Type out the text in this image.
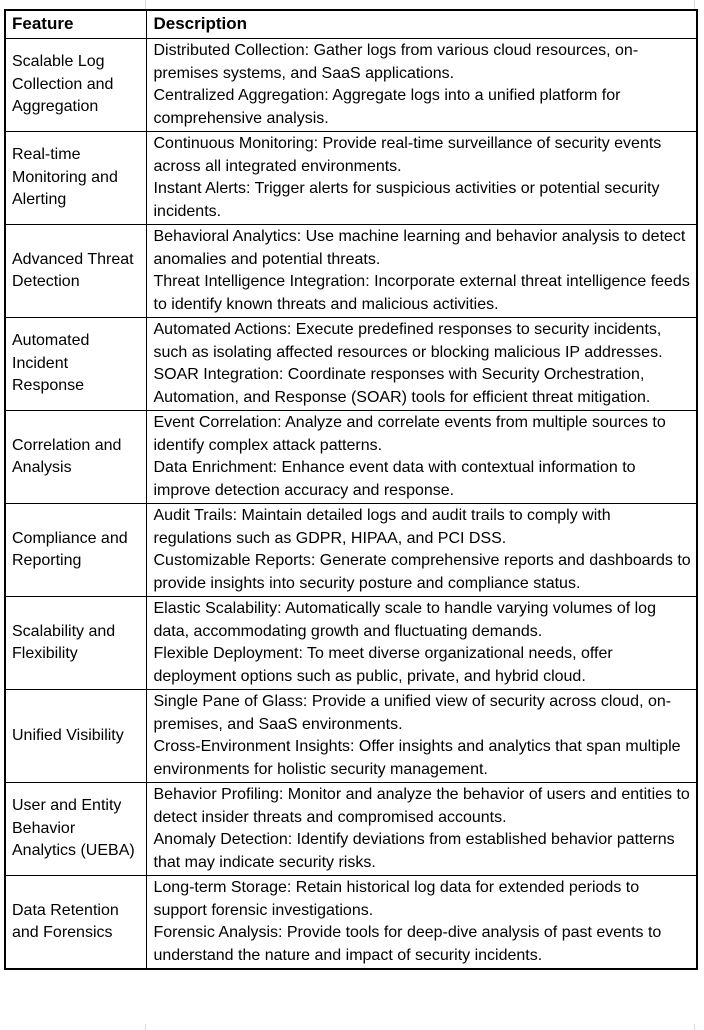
Feature	Description
Scalable Log Collection and Aggregation	Distributed Collection: Gather logs from various cloud resources, on-premises systems, and SaaS applications.
Centralized Aggregation: Aggregate logs into a unified platform for comprehensive analysis.

Real-time Monitoring and Alerting	Continuous Monitoring: Provide real-time surveillance of security events across all integrated environments.
Instant Alerts: Trigger alerts for suspicious activities or potential security incidents.

Advanced Threat Detection	Behavioral Analytics: Use machine learning and behavior analysis to detect anomalies and potential threats.
Threat Intelligence Integration: Incorporate external threat intelligence feeds to identify known threats and malicious activities.

Automated Incident Response	Automated Actions: Execute predefined responses to security incidents, such as isolating affected resources or blocking malicious IP addresses.
SOAR Integration: Coordinate responses with Security Orchestration, Automation, and Response (SOAR) tools for efficient threat mitigation.

Correlation and Analysis	Event Correlation: Analyze and correlate events from multiple sources to identify complex attack patterns.
Data Enrichment: Enhance event data with contextual information to improve detection accuracy and response.

Compliance and Reporting	Audit Trails: Maintain detailed logs and audit trails to comply with regulations such as GDPR, HIPAA, and PCI DSS.
Customizable Reports: Generate comprehensive reports and dashboards to provide insights into security posture and compliance status.

Scalability and Flexibility	Elastic Scalability: Automatically scale to handle varying volumes of log data, accommodating growth and fluctuating demands.
Flexible Deployment: To meet diverse organizational needs, offer deployment options such as public, private, and hybrid cloud.

Unified Visibility	Single Pane of Glass: Provide a unified view of security across cloud, on-premises, and SaaS environments.
Cross-Environment Insights: Offer insights and analytics that span multiple environments for holistic security management.

User and Entity Behavior Analytics (UEBA)	Behavior Profiling: Monitor and analyze the behavior of users and entities to detect insider threats and compromised accounts.
Anomaly Detection: Identify deviations from established behavior patterns that may indicate security risks.

Data Retention and Forensics	Long-term Storage: Retain historical log data for extended periods to support forensic investigations.
Forensic Analysis: Provide tools for deep-dive analysis of past events to understand the nature and impact of security incidents.
